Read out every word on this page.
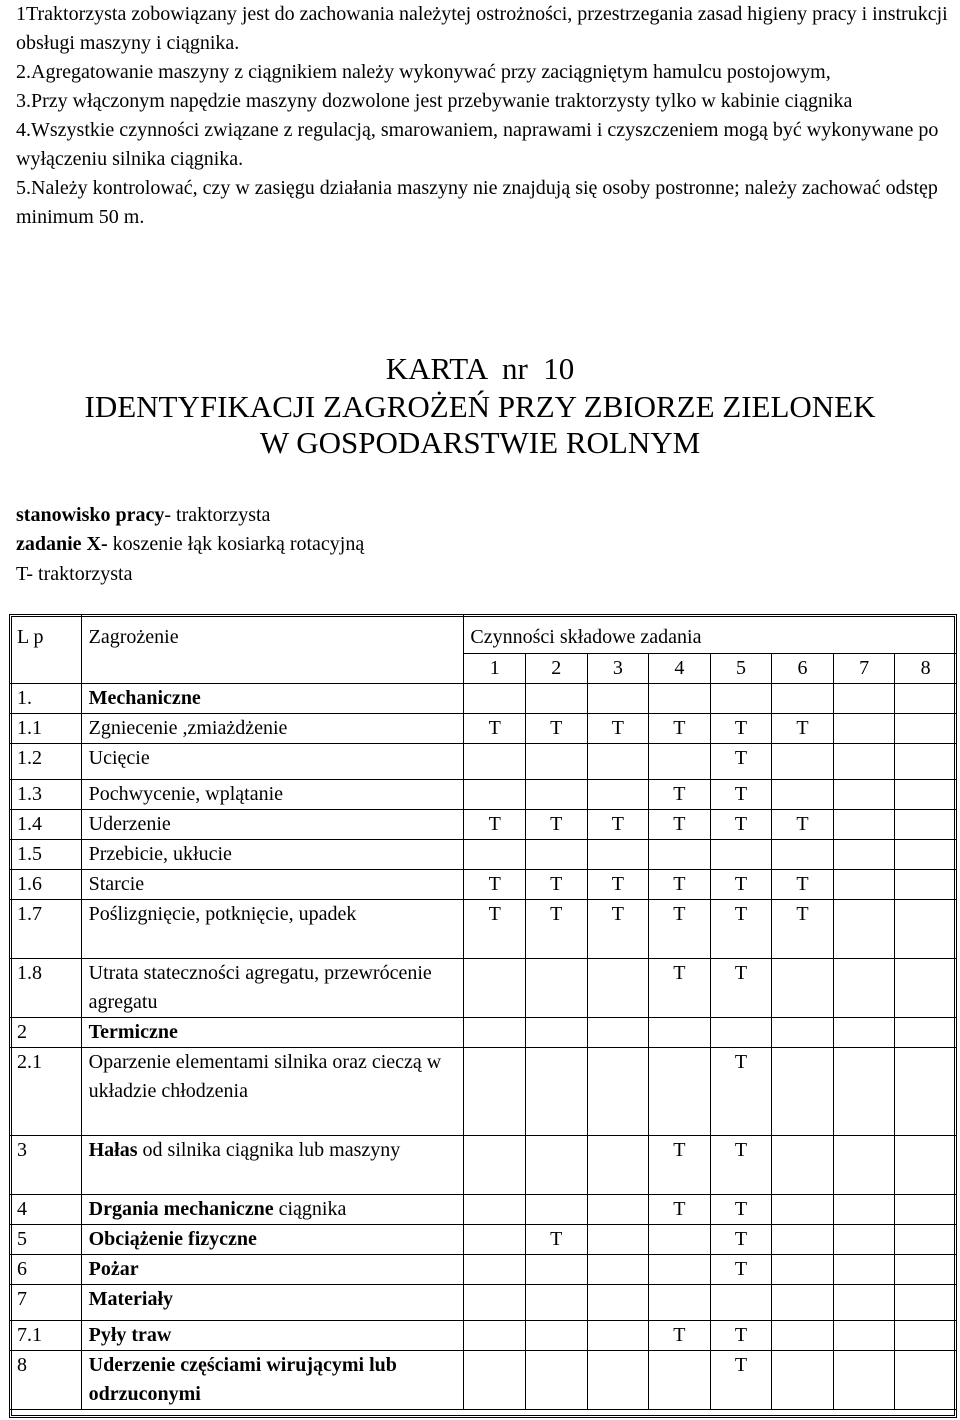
1Traktorzysta zobowiązany jest do zachowania należytej ostrożności, przestrzegania zasad higieny pracy i instrukcji obsługi maszyny i ciągnika.

2.Agregatowanie maszyny z ciągnikiem należy wykonywać przy zaciągniętym hamulcu postojowym,

3.Przy włączonym napędzie maszyny dozwolone jest przebywanie traktorzysty tylko w kabinie ciągnika

4.Wszystkie czynności związane z regulacją, smarowaniem, naprawami i czyszczeniem mogą być wykonywane po wyłączeniu silnika ciągnika.

5.Należy kontrolować, czy w zasięgu działania maszyny nie znajdują się osoby postronne; należy zachować odstęp minimum 50 m.

KARTA  nr  10
IDENTYFIKACJI ZAGROŻEŃ PRZY ZBIORZE ZIELONEK
W GOSPODARSTWIE ROLNYM
stanowisko pracy- traktorzysta
zadanie X- koszenie łąk kosiarką rotacyjną
T- traktorzysta
L p	Zagrożenie	Czynności składowe zadania							
		1	2	3	4	5	6	7	8
1.	Mechaniczne								
1.1	Zgniecenie ,zmiażdżenie	T	T	T	T	T	T		
1.2	Ucięcie					T			
1.3	Pochwycenie, wplątanie				T	T			
1.4	Uderzenie	T	T	T	T	T	T		
1.5	Przebicie, ukłucie								
1.6	Starcie	T	T	T	T	T	T		
1.7	Poślizgnięcie, potknięcie, upadek	T	T	T	T	T	T		
1.8	Utrata stateczności agregatu, przewrócenie agregatu				T	T			
2	Termiczne								
2.1	Oparzenie elementami silnika oraz cieczą w układzie chłodzenia					T			
3	Hałas od silnika ciągnika lub maszyny				T	T			
4	Drgania mechaniczne ciągnika				T	T			
5	Obciążenie fizyczne		T			T			
6	Pożar					T			
7	Materiały								
7.1	Pyły traw				T	T			
8	Uderzenie częściami wirującymi lub odrzuconymi					T			
